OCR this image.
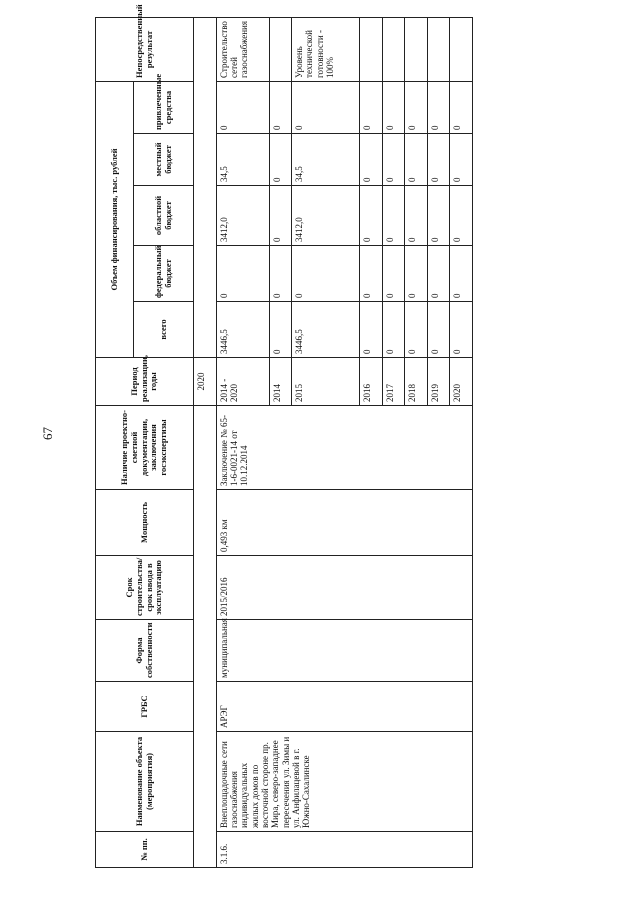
67
№ пп.	Наименование объекта (мероприятия)	ГРБС	Форма собственности	Срок строительства/срок ввода в эксплуатацию	Мощность	Наличие проектно-сметной документации, заключения госэкспертизы	Период реализации, годы	Объем финансирования, тыс. рублей					Непосредственный результат
								всего	федеральный бюджет	областной бюджет	местный бюджет	привлеченные средства	
							2020						
3.1.6.	Внеплощадочные сети газоснабжения индивидуальных жилых домов по восточной стороне пр. Мира, северо-западнее пересечения ул. Зимы и ул. Анфилацевой в г. Южно-Сахалинске	АРЭГ	муниципальная	2015/2016	0,493 км	Заключение № 65-1-6-0021-14 от 10.12.2014	2014 - 2020	3446,5	0	3412,0	34,5	0	Строительство сетей газоснабжения
							2014	0	0	0	0	0	
							2015	3446,5	0	3412,0	34,5	0	Уровень технической готовности - 100%
							2016	0	0	0	0	0	
							2017	0	0	0	0	0	
							2018	0	0	0	0	0	
							2019	0	0	0	0	0	
							2020	0	0	0	0	0	
